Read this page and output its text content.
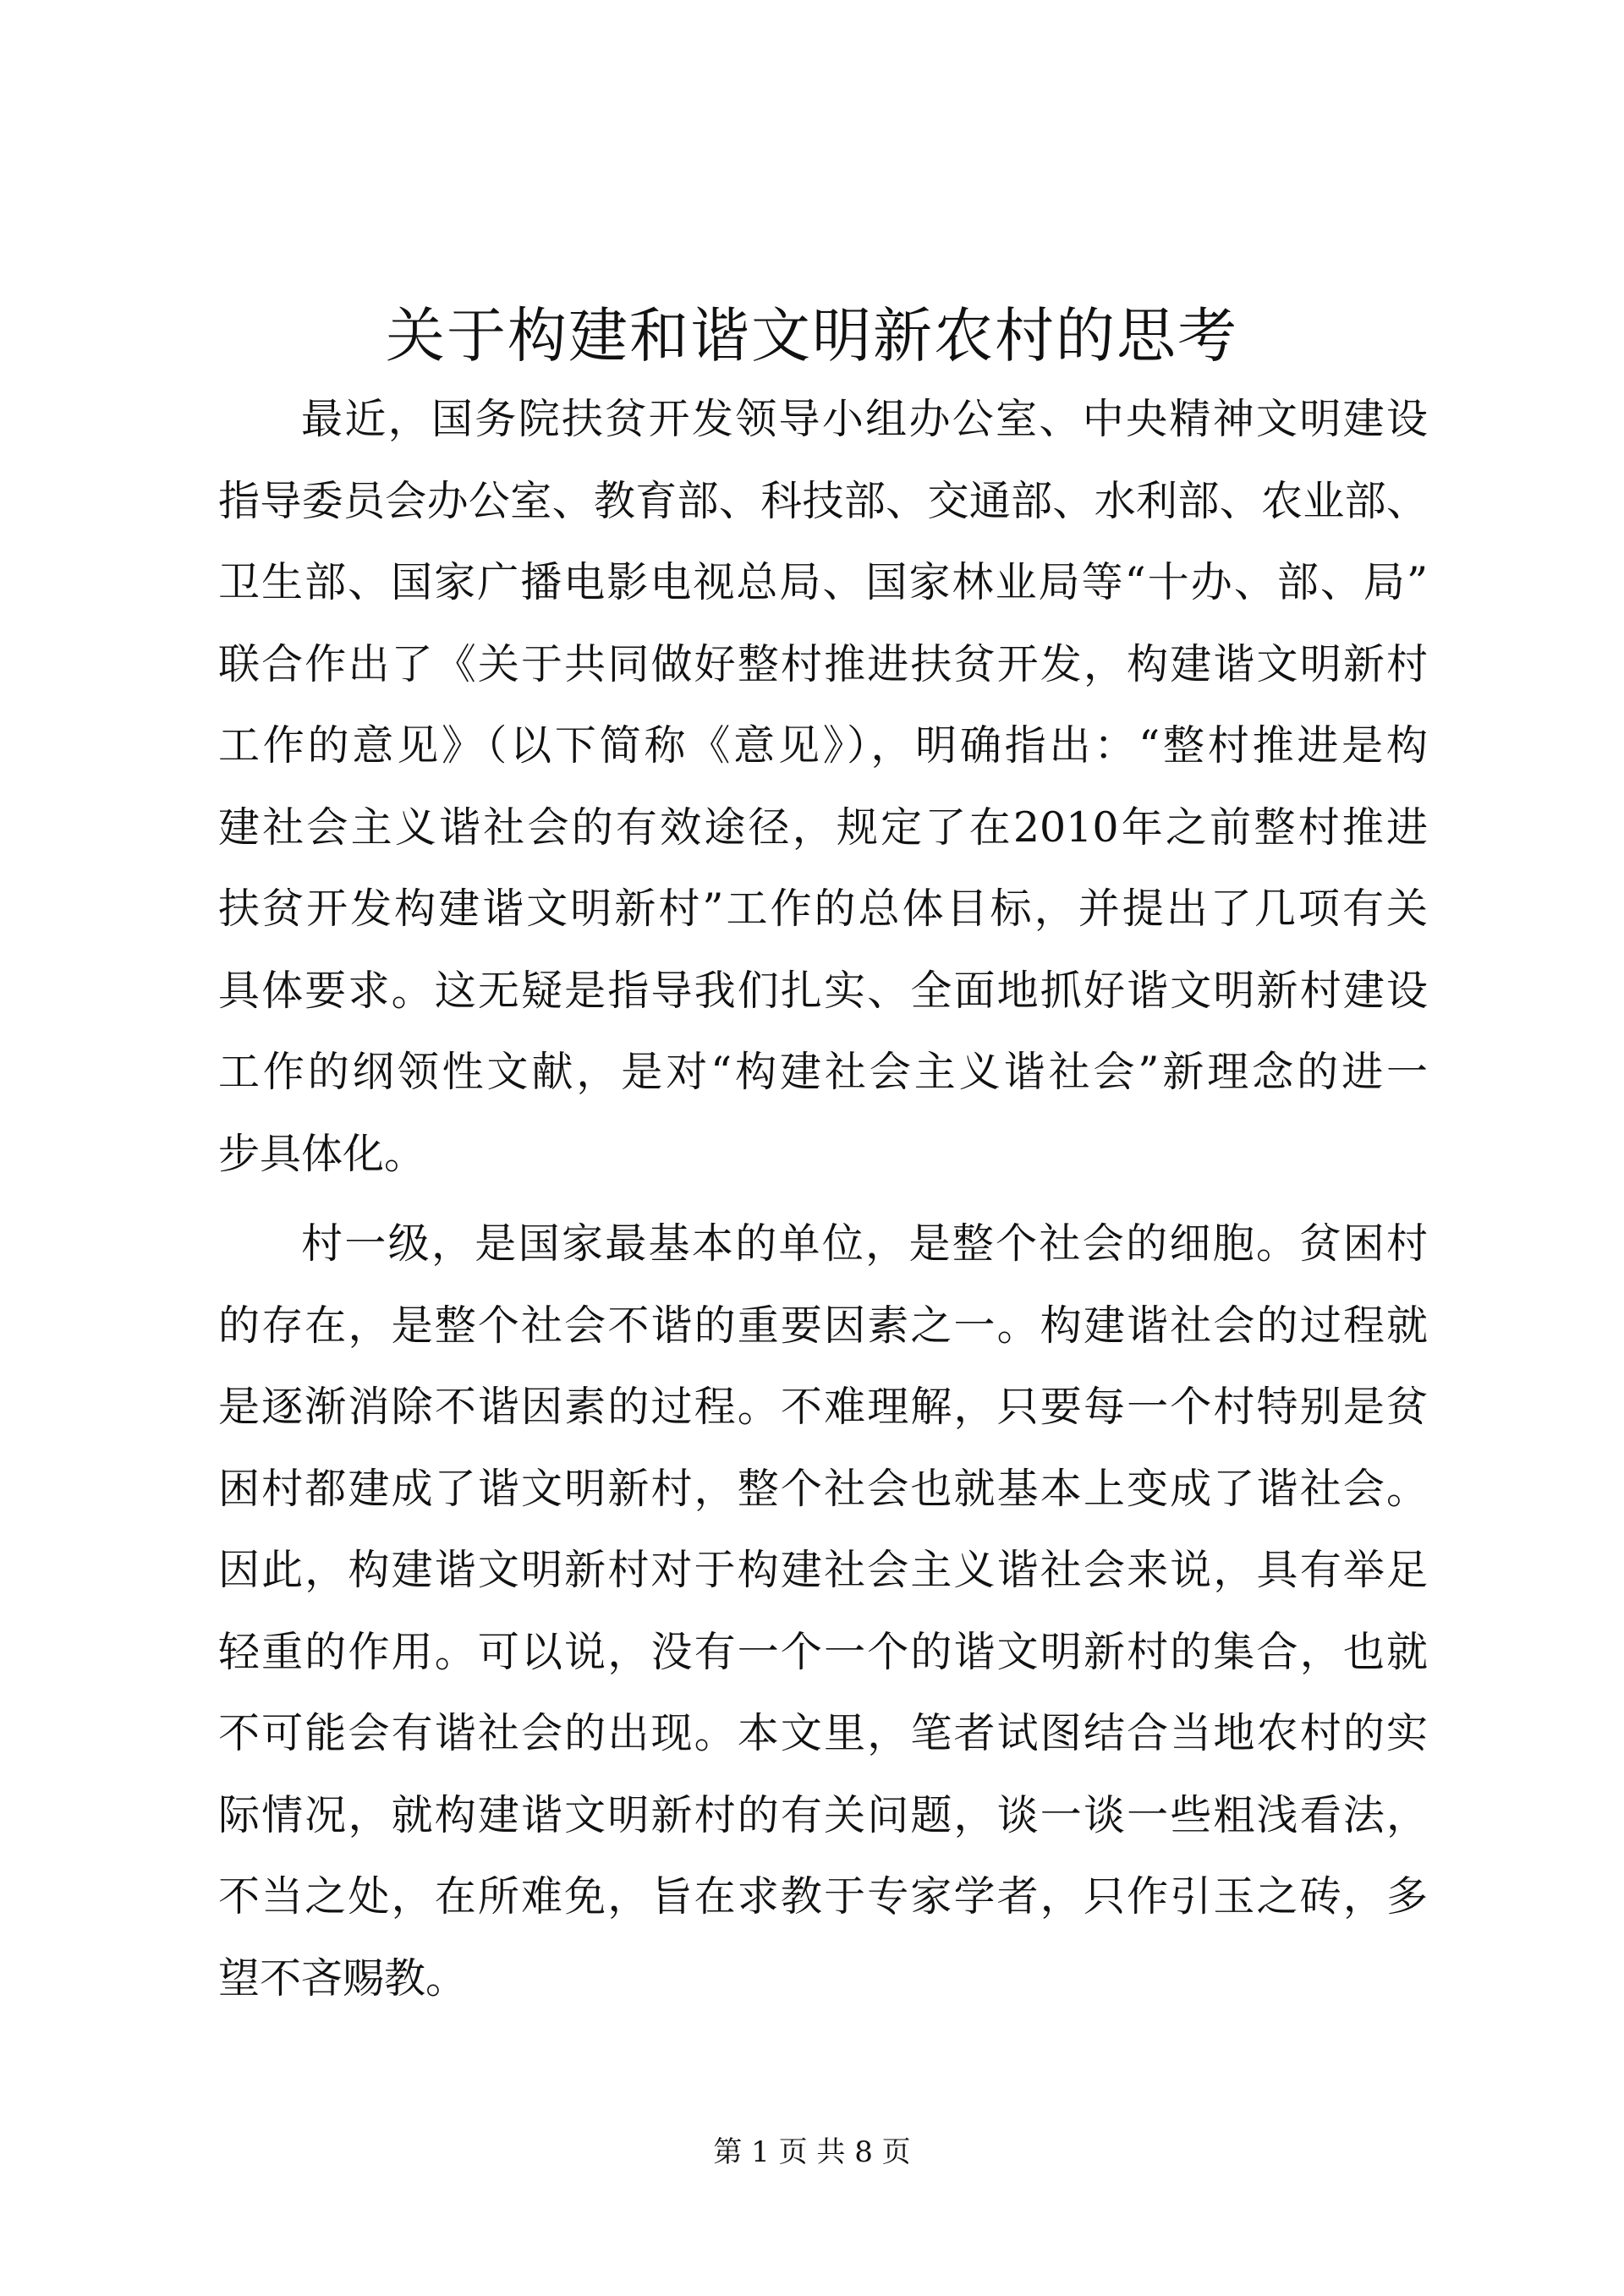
关于构建和谐文明新农村的思考
最近，国务院扶贫开发领导小组办公室、中央精神文明建设
指导委员会办公室、教育部、科技部、交通部、水利部、农业部、
卫生部、国家广播电影电视总局、国家林业局等“十办、部、局”
联合作出了《关于共同做好整村推进扶贫开发，构建谐文明新村
工作的意见》（以下简称《意见》），明确指出：“整村推进是构
建社会主义谐社会的有效途径，规定了在2010年之前整村推进
扶贫开发构建谐文明新村”工作的总体目标，并提出了几项有关
具体要求。这无疑是指导我们扎实、全面地抓好谐文明新村建设
工作的纲领性文献，是对“构建社会主义谐社会”新理念的进一
步具体化。
村一级，是国家最基本的单位，是整个社会的细胞。贫困村
的存在，是整个社会不谐的重要因素之一。构建谐社会的过程就
是逐渐消除不谐因素的过程。不难理解，只要每一个村特别是贫
困村都建成了谐文明新村，整个社会也就基本上变成了谐社会。
因此，构建谐文明新村对于构建社会主义谐社会来说，具有举足
轻重的作用。可以说，没有一个一个的谐文明新村的集合，也就
不可能会有谐社会的出现。本文里，笔者试图结合当地农村的实
际情况，就构建谐文明新村的有关问题，谈一谈一些粗浅看法，
不当之处，在所难免，旨在求教于专家学者，只作引玉之砖，多
望不吝赐教。
第 1 页 共 8 页
